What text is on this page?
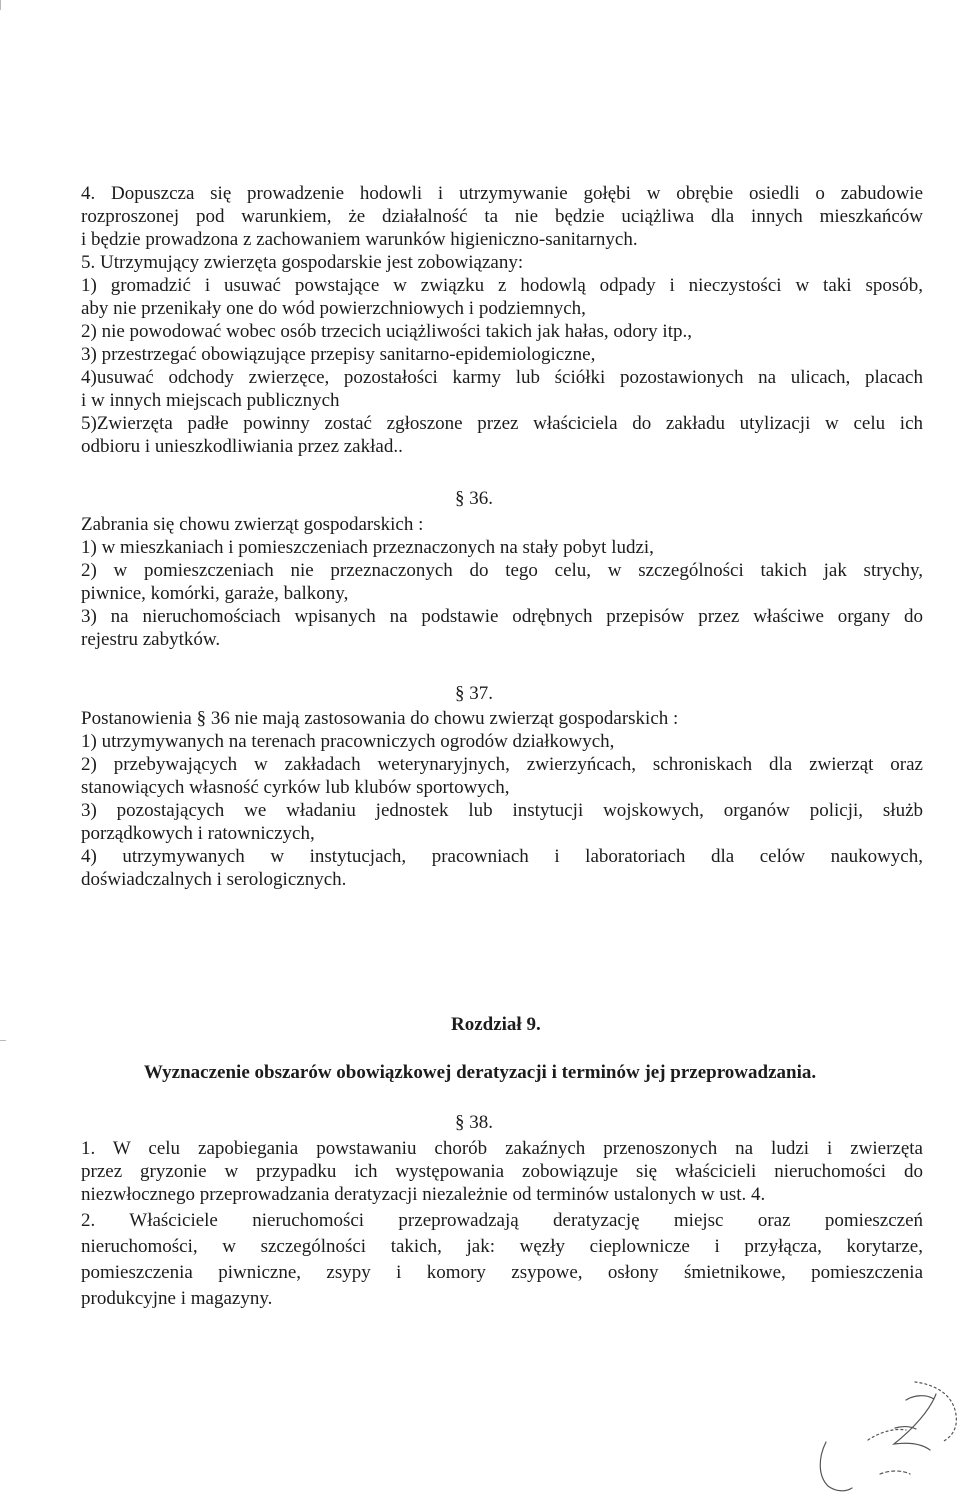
4. Dopuszcza się prowadzenie hodowli i utrzymywanie gołębi w obrębie osiedli o zabudowie
rozproszonej pod warunkiem, że działalność ta nie będzie uciążliwa dla innych mieszkańców
i będzie prowadzona z zachowaniem warunków higieniczno-sanitarnych.
5. Utrzymujący zwierzęta gospodarskie jest zobowiązany:
1) gromadzić i usuwać powstające w związku z hodowlą odpady i nieczystości w taki sposób,
aby nie przenikały one do wód powierzchniowych i podziemnych,
2) nie powodować wobec osób trzecich uciążliwości takich jak hałas, odory itp.,
3) przestrzegać obowiązujące przepisy sanitarno-epidemiologiczne,
4)usuwać odchody zwierzęce, pozostałości karmy lub ściółki pozostawionych na ulicach, placach
i w innych miejscach publicznych
5)Zwierzęta padłe powinny zostać zgłoszone przez właściciela do zakładu utylizacji w celu ich
odbioru i unieszkodliwiania przez zakład..
§ 36.
Zabrania się chowu zwierząt gospodarskich :
1) w mieszkaniach i pomieszczeniach przeznaczonych na stały pobyt ludzi,
2) w pomieszczeniach nie przeznaczonych do tego celu, w szczególności takich jak strychy,
piwnice, komórki, garaże, balkony,
3) na nieruchomościach wpisanych na podstawie odrębnych przepisów przez właściwe organy do
rejestru zabytków.
§ 37.
Postanowienia § 36 nie mają zastosowania do chowu zwierząt gospodarskich :
1) utrzymywanych na terenach pracowniczych ogrodów działkowych,
2) przebywających w zakładach weterynaryjnych, zwierzyńcach, schroniskach dla zwierząt oraz
stanowiących własność cyrków lub klubów sportowych,
3) pozostających we władaniu jednostek lub instytucji wojskowych, organów policji, służb
porządkowych i ratowniczych,
4) utrzymywanych w instytucjach, pracowniach i laboratoriach dla celów naukowych,
doświadczalnych i serologicznych.
Rozdział 9.
Wyznaczenie obszarów obowiązkowej deratyzacji i terminów jej przeprowadzania.
§ 38.
1. W celu zapobiegania powstawaniu chorób zakaźnych przenoszonych na ludzi i zwierzęta
przez gryzonie w przypadku ich występowania zobowiązuje się właścicieli nieruchomości do
niezwłocznego przeprowadzania deratyzacji niezależnie od terminów ustalonych w ust. 4.
2. Właściciele nieruchomości przeprowadzają deratyzację miejsc oraz pomieszczeń
nieruchomości, w szczególności takich, jak: węzły cieplownicze i przyłącza, korytarze,
pomieszczenia piwniczne, zsypy i komory zsypowe, osłony śmietnikowe, pomieszczenia
produkcyjne i magazyny.
